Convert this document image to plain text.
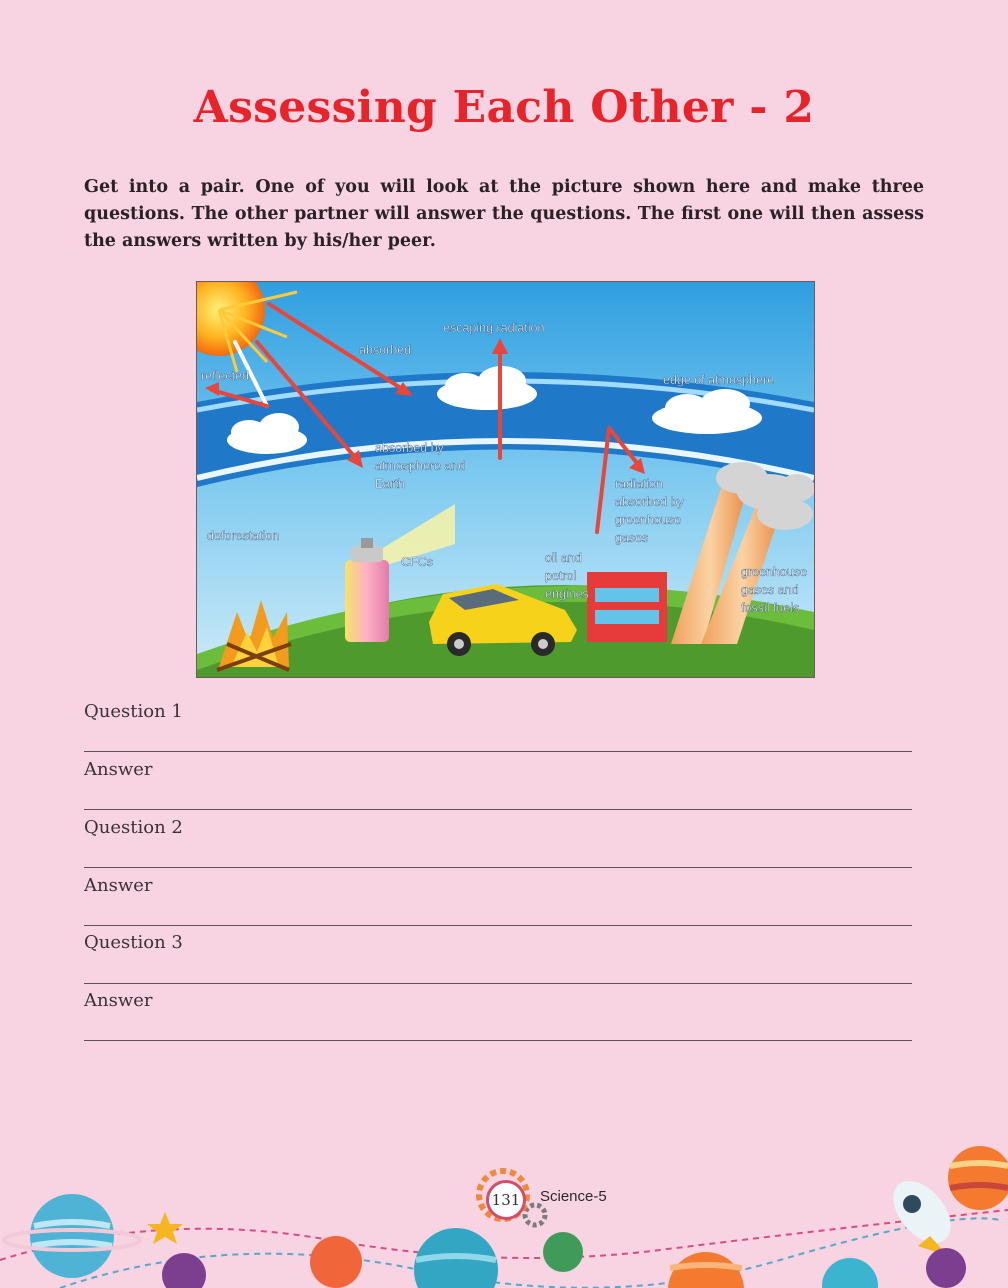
Assessing Each Other - 2
Get into a pair. One of you will look at the picture shown here and make three questions. The other partner will answer the questions. The first one will then assess the answers written by his/her peer.
escaping radiation
absorbed
reflected	edge of atmosphere
absorbed by
atmosphere and
Earth	radiation
absorbed by
greenhouse
gases
deforestation
CFCs	oil and
petrol
engines
greenhouse
gases and
fossil fuels
Question 1
Answer
Question 2
Answer
Question 3
Answer
131	Science-5
